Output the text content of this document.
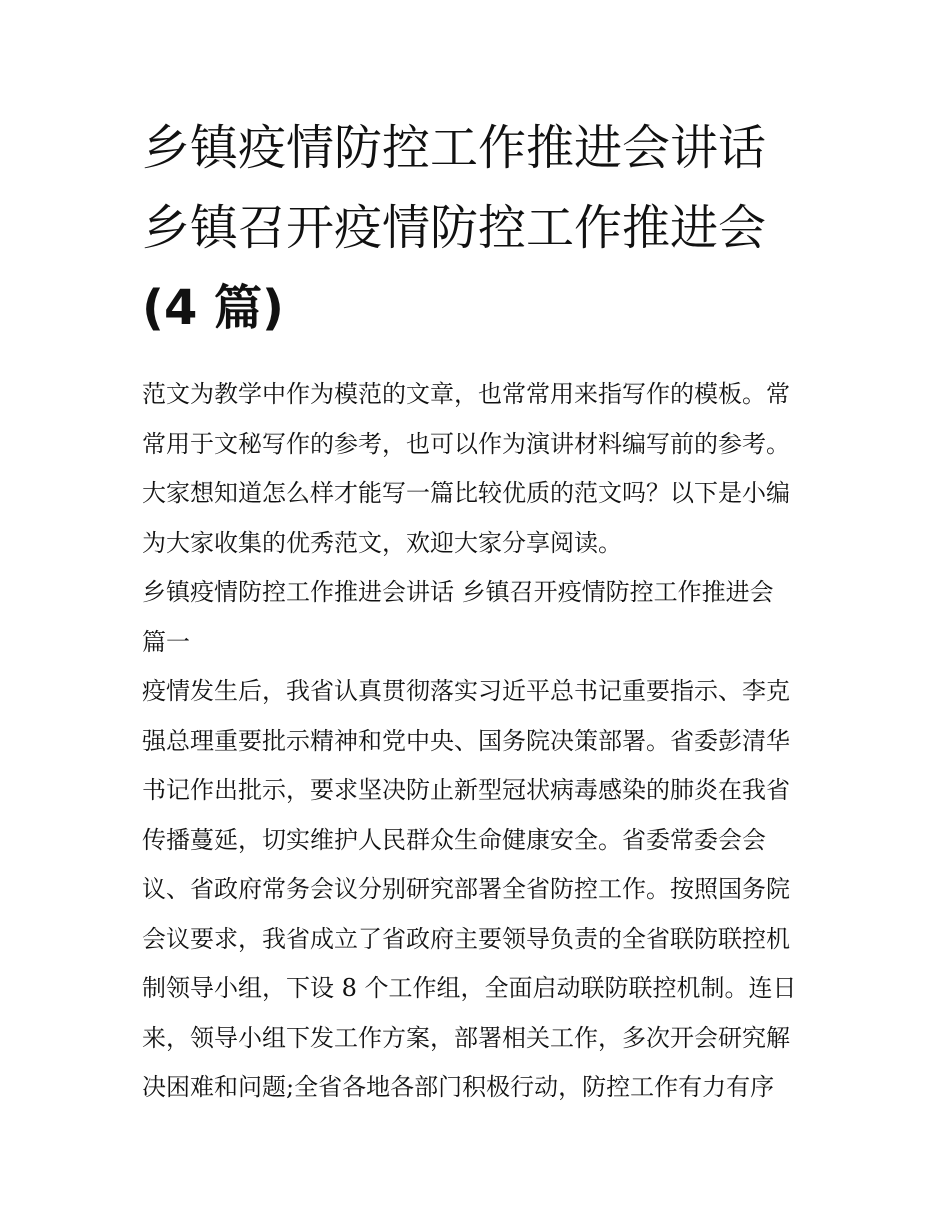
乡镇疫情防控工作推进会讲话
乡镇召开疫情防控工作推进会
(4 篇)

范文为教学中作为模范的文章，也常常用来指写作的模板。常
常用于文秘写作的参考，也可以作为演讲材料编写前的参考。
大家想知道怎么样才能写一篇比较优质的范文吗？以下是小编
为大家收集的优秀范文，欢迎大家分享阅读。

乡镇疫情防控工作推进会讲话 乡镇召开疫情防控工作推进会
篇一

疫情发生后，我省认真贯彻落实习近平总书记重要指示、李克
强总理重要批示精神和党中央、国务院决策部署。省委彭清华
书记作出批示，要求坚决防止新型冠状病毒感染的肺炎在我省
传播蔓延，切实维护人民群众生命健康安全。省委常委会会
议、省政府常务会议分别研究部署全省防控工作。按照国务院
会议要求，我省成立了省政府主要领导负责的全省联防联控机
制领导小组，下设 8 个工作组，全面启动联防联控机制。连日
来，领导小组下发工作方案，部署相关工作，多次开会研究解
决困难和问题;全省各地各部门积极行动，防控工作有力有序
